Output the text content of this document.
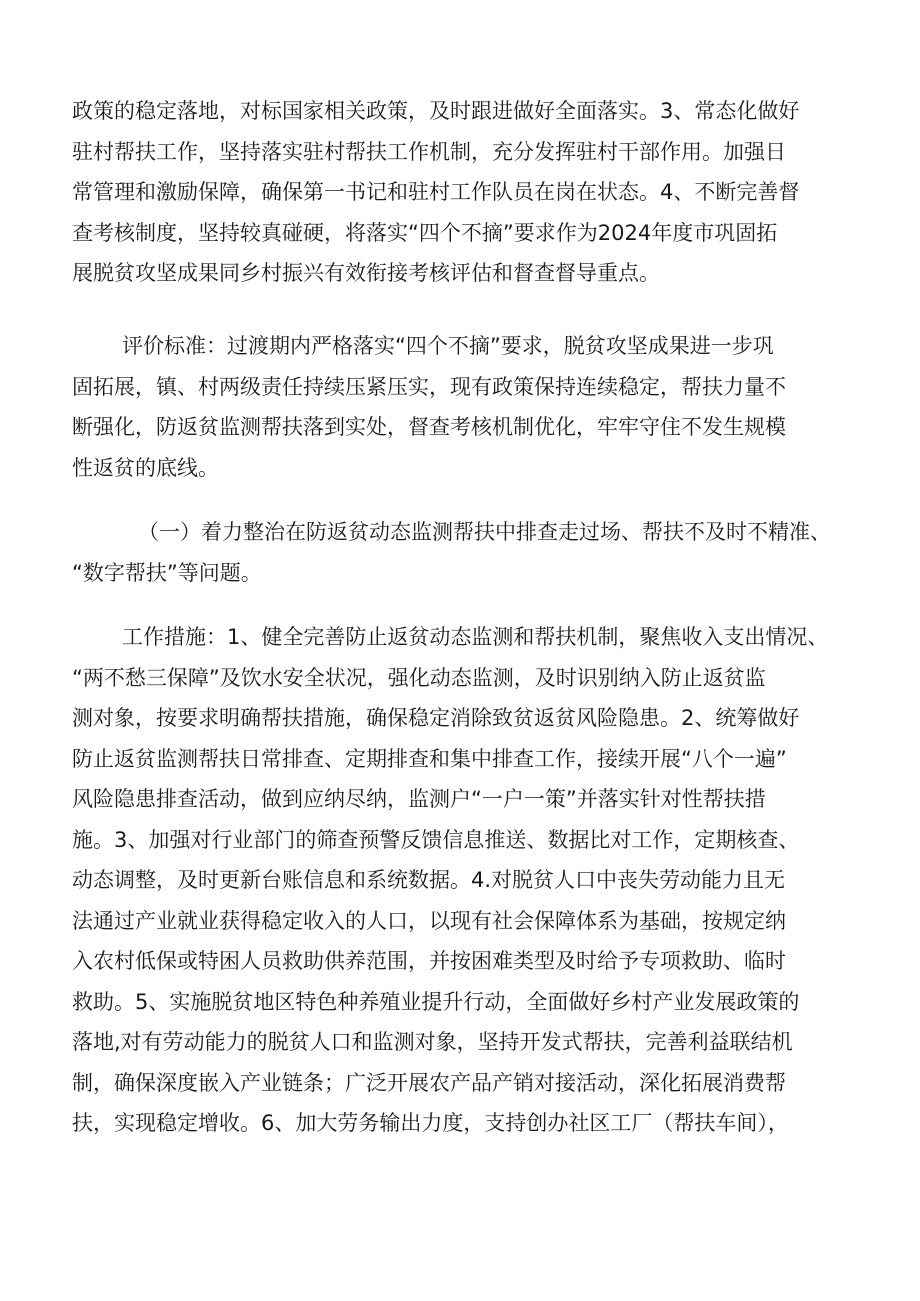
政策的稳定落地，对标国家相关政策，及时跟进做好全面落实。3、常态化做好
驻村帮扶工作，坚持落实驻村帮扶工作机制，充分发挥驻村干部作用。加强日
常管理和激励保障，确保第一书记和驻村工作队员在岗在状态。4、不断完善督
查考核制度，坚持较真碰硬，将落实“四个不摘”要求作为2024年度市巩固拓
展脱贫攻坚成果同乡村振兴有效衔接考核评估和督查督导重点。
评价标准：过渡期内严格落实“四个不摘”要求，脱贫攻坚成果进一步巩
固拓展，镇、村两级责任持续压紧压实，现有政策保持连续稳定，帮扶力量不
断强化，防返贫监测帮扶落到实处，督查考核机制优化，牢牢守住不发生规模
性返贫的底线。
（一）着力整治在防返贫动态监测帮扶中排查走过场、帮扶不及时不精准、
“数字帮扶”等问题。
工作措施：1、健全完善防止返贫动态监测和帮扶机制，聚焦收入支出情况、
“两不愁三保障”及饮水安全状况，强化动态监测，及时识别纳入防止返贫监
测对象，按要求明确帮扶措施，确保稳定消除致贫返贫风险隐患。2、统筹做好
防止返贫监测帮扶日常排查、定期排查和集中排查工作，接续开展“八个一遍”
风险隐患排查活动，做到应纳尽纳，监测户“一户一策”并落实针对性帮扶措
施。3、加强对行业部门的筛查预警反馈信息推送、数据比对工作，定期核查、
动态调整，及时更新台账信息和系统数据。4.对脱贫人口中丧失劳动能力且无
法通过产业就业获得稳定收入的人口，以现有社会保障体系为基础，按规定纳
入农村低保或特困人员救助供养范围，并按困难类型及时给予专项救助、临时
救助。5、实施脱贫地区特色种养殖业提升行动，全面做好乡村产业发展政策的
落地,对有劳动能力的脱贫人口和监测对象，坚持开发式帮扶，完善利益联结机
制，确保深度嵌入产业链条；广泛开展农产品产销对接活动，深化拓展消费帮
扶，实现稳定增收。6、加大劳务输出力度，支持创办社区工厂（帮扶车间），
